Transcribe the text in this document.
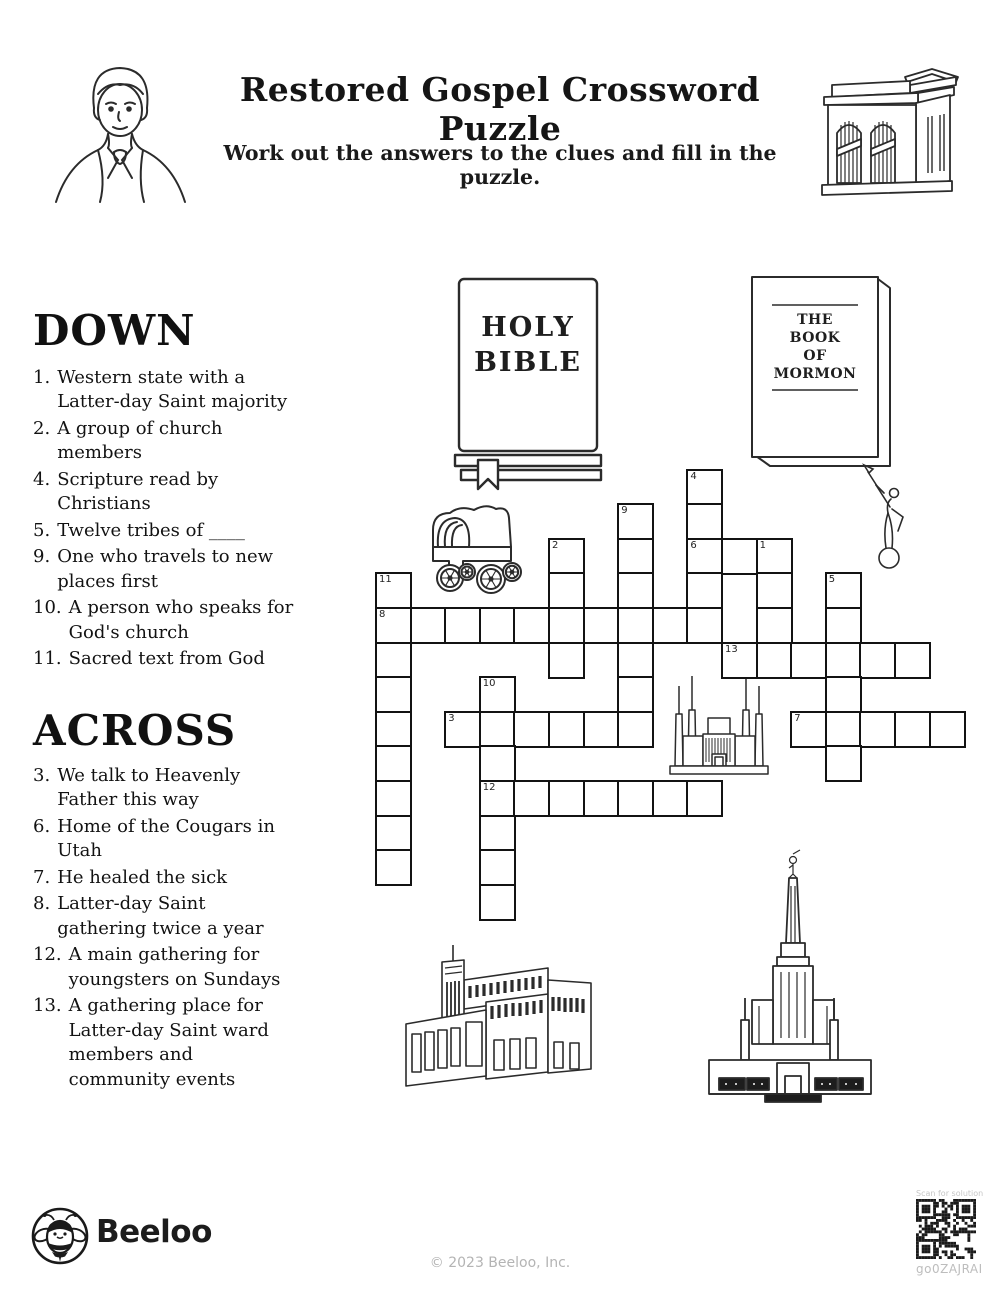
Restored Gospel Crossword Puzzle
Work out the answers to the clues and fill in the puzzle.
DOWN
1. Western state with a Latter-day Saint majority
2. A group of church members
4. Scripture read by Christians
5. Twelve tribes of ____
9. One who travels to new places first
10. A person who speaks for God's church
11. Sacred text from God
ACROSS
3. We talk to Heavenly Father this way
6. Home of the Cougars in Utah
7. He healed the sick
8. Latter-day Saint gathering twice a year
12. A main gathering for youngsters on Sundays
13. A gathering place for Latter-day Saint ward members and community events
HOLY
BIBLE
THE
BOOK
OF
MORMON
4
9
2	6	1
11	5
8
13
10
3	7
12
Beeloo
© 2023 Beeloo, Inc.
Scan for solution
go0ZAJRAI
